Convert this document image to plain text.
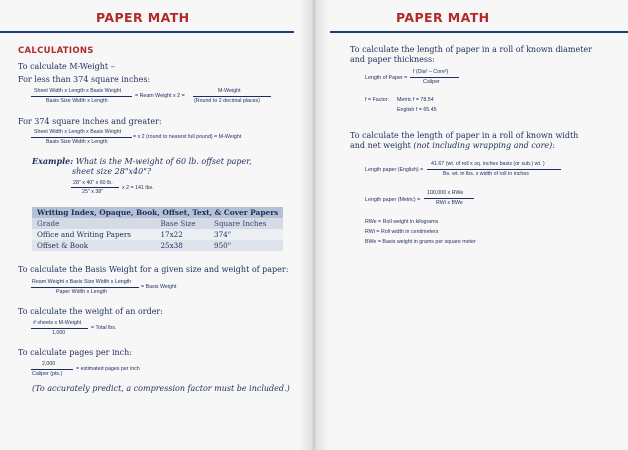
PAPER MATH
CALCULATIONS
To calculate M-Weight –
For less than 374 square inches:
Sheet Width x Length x Basis Weight
Basis Size Width x Length
= Ream Weight x 2 =
M-Weight
(Round to 2 decimal places)
For 374 square inches and greater:
Sheet Width x Length x Basis Weight
Basis Size Width x Length
= x 2 (round to nearest full pound) = M-Weight
Example: What is the M-weight of 60 lb. offset paper,
sheet size 28"x40"?
28" x 40" x 60 lb.
25" x 38"
x 2 = 141 lbs.
Writing Index, Opaque, Book, Offset, Text, & Cover Papers		
Grade	Base Size	Square Inches
Office and Writing Papers	17x22	374"
Offset & Book	25x38	950"
To calculate the Basis Weight for a given size and weight of paper:
Ream Weight x Basis Size Width x Length
Paper Width x Length
= Basis Weight
To calculate the weight of an order:
# sheets x M-Weight
1,000
= Total lbs.
To calculate pages per inch:
2,000
Caliper (pts.)
= estimated pages per inch
(To accurately predict, a compression factor must be included.)
PAPER MATH
To calculate the length of paper in a roll of known diameter
and paper thickness:
Length of Paper =
f (Dia² – Core²)
Caliper
f = Factor: Metric f = 78.54
English f = 65.45
To calculate the length of paper in a roll of known width
and net weight (not including wrapping and core):
Length paper (English) =
41.67 (wt. of roll x sq. inches basis (or sub.) wt. )
Bs. wt. in lbs. x width of roll in inches
Length paper (Metric) =
100,000 x RWe
RWi x BWe
RWe = Roll weight in kilograms
RWi = Roll width in centimeters
BWe = Basis weight in grams per square meter
